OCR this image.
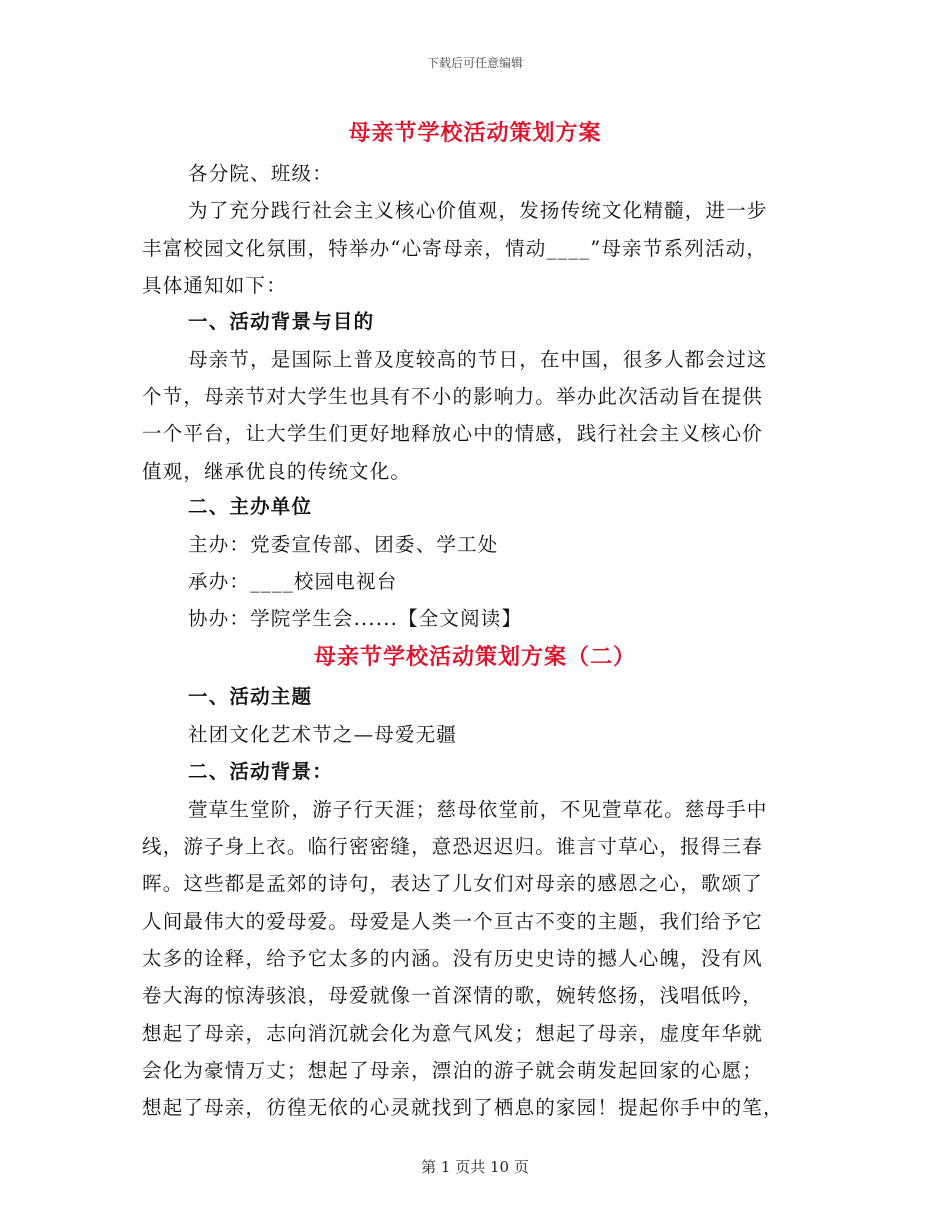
下载后可任意编辑
母亲节学校活动策划方案
各分院、班级：
为了充分践行社会主义核心价值观，发扬传统文化精髓，进一步
丰富校园文化氛围，特举办“心寄母亲，情动____”母亲节系列活动，
具体通知如下：
一、活动背景与目的
母亲节，是国际上普及度较高的节日，在中国，很多人都会过这
个节，母亲节对大学生也具有不小的影响力。举办此次活动旨在提供
一个平台，让大学生们更好地释放心中的情感，践行社会主义核心价
值观，继承优良的传统文化。
二、主办单位
主办：党委宣传部、团委、学工处
承办：____校园电视台
协办：学院学生会......【全文阅读】
母亲节学校活动策划方案（二）
一、活动主题
社团文化艺术节之—母爱无疆
二、活动背景：
萱草生堂阶，游子行天涯；慈母依堂前，不见萱草花。慈母手中
线，游子身上衣。临行密密缝，意恐迟迟归。谁言寸草心，报得三春
晖。这些都是孟郊的诗句，表达了儿女们对母亲的感恩之心，歌颂了
人间最伟大的爱母爱。母爱是人类一个亘古不变的主题，我们给予它
太多的诠释，给予它太多的内涵。没有历史史诗的撼人心魄，没有风
卷大海的惊涛骇浪，母爱就像一首深情的歌，婉转悠扬，浅唱低吟，
想起了母亲，志向消沉就会化为意气风发；想起了母亲，虚度年华就
会化为豪情万丈；想起了母亲，漂泊的游子就会萌发起回家的心愿；
想起了母亲，彷徨无依的心灵就找到了栖息的家园！提起你手中的笔，
第 1 页共 10 页
